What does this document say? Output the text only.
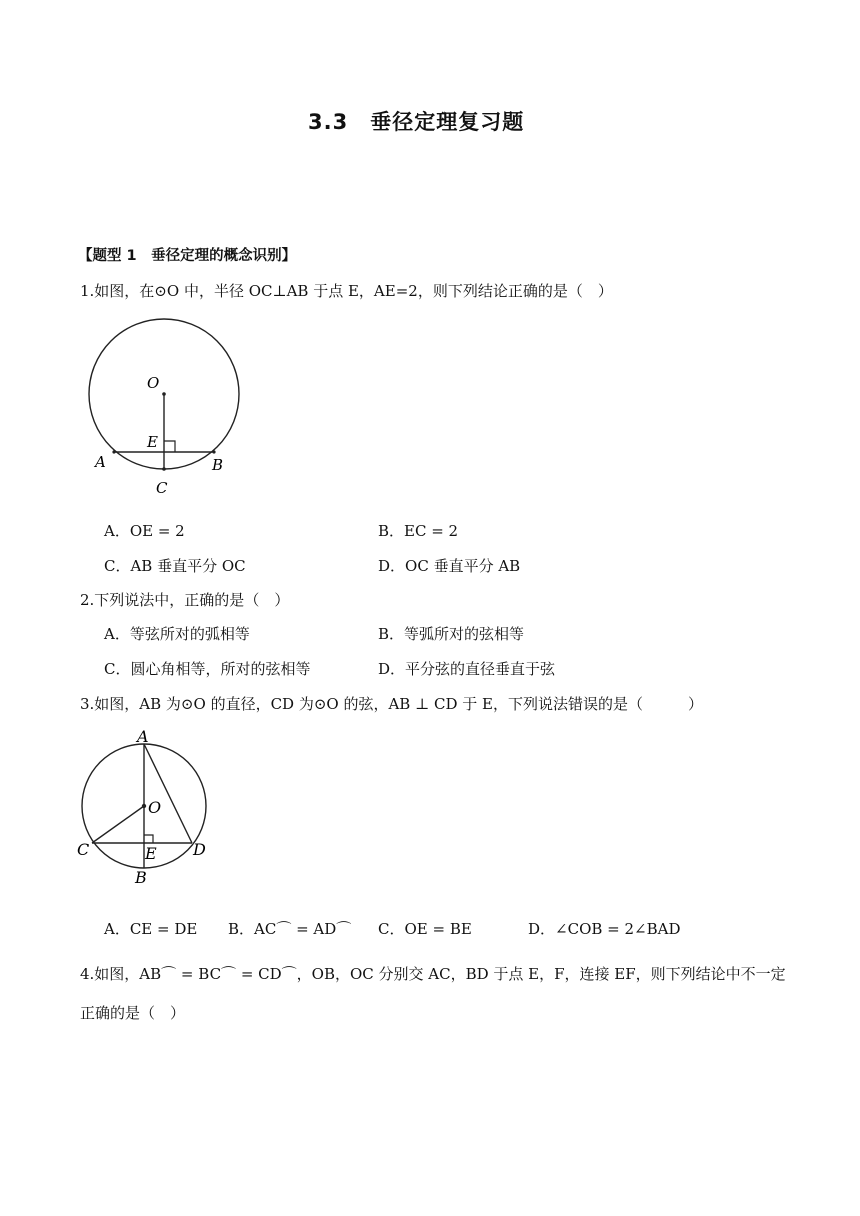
3.3　垂径定理复习题
【题型 1　垂径定理的概念识别】
1.如图，在⊙O 中，半径 OC⊥AB 于点 E，AE=2，则下列结论正确的是（　）
O
E
A	B
C
A．OE = 2	B．EC = 2
C．AB 垂直平分 OC	D．OC 垂直平分 AB
2.下列说法中，正确的是（　）
A．等弦所对的弧相等	B．等弧所对的弦相等
C．圆心角相等，所对的弦相等	D．平分弦的直径垂直于弦
3.如图，AB 为⊙O 的直径，CD 为⊙O 的弦，AB ⊥ CD 于 E，下列说法错误的是（　　　）
A
O
C	E D
B
A．CE = DE B．AC⌒ = AD⌒ C．OE = BE	D．∠COB = 2∠BAD
4.如图，AB⌒ = BC⌒ = CD⌒，OB，OC 分别交 AC，BD 于点 E，F，连接 EF，则下列结论中不一定
正确的是（　）
